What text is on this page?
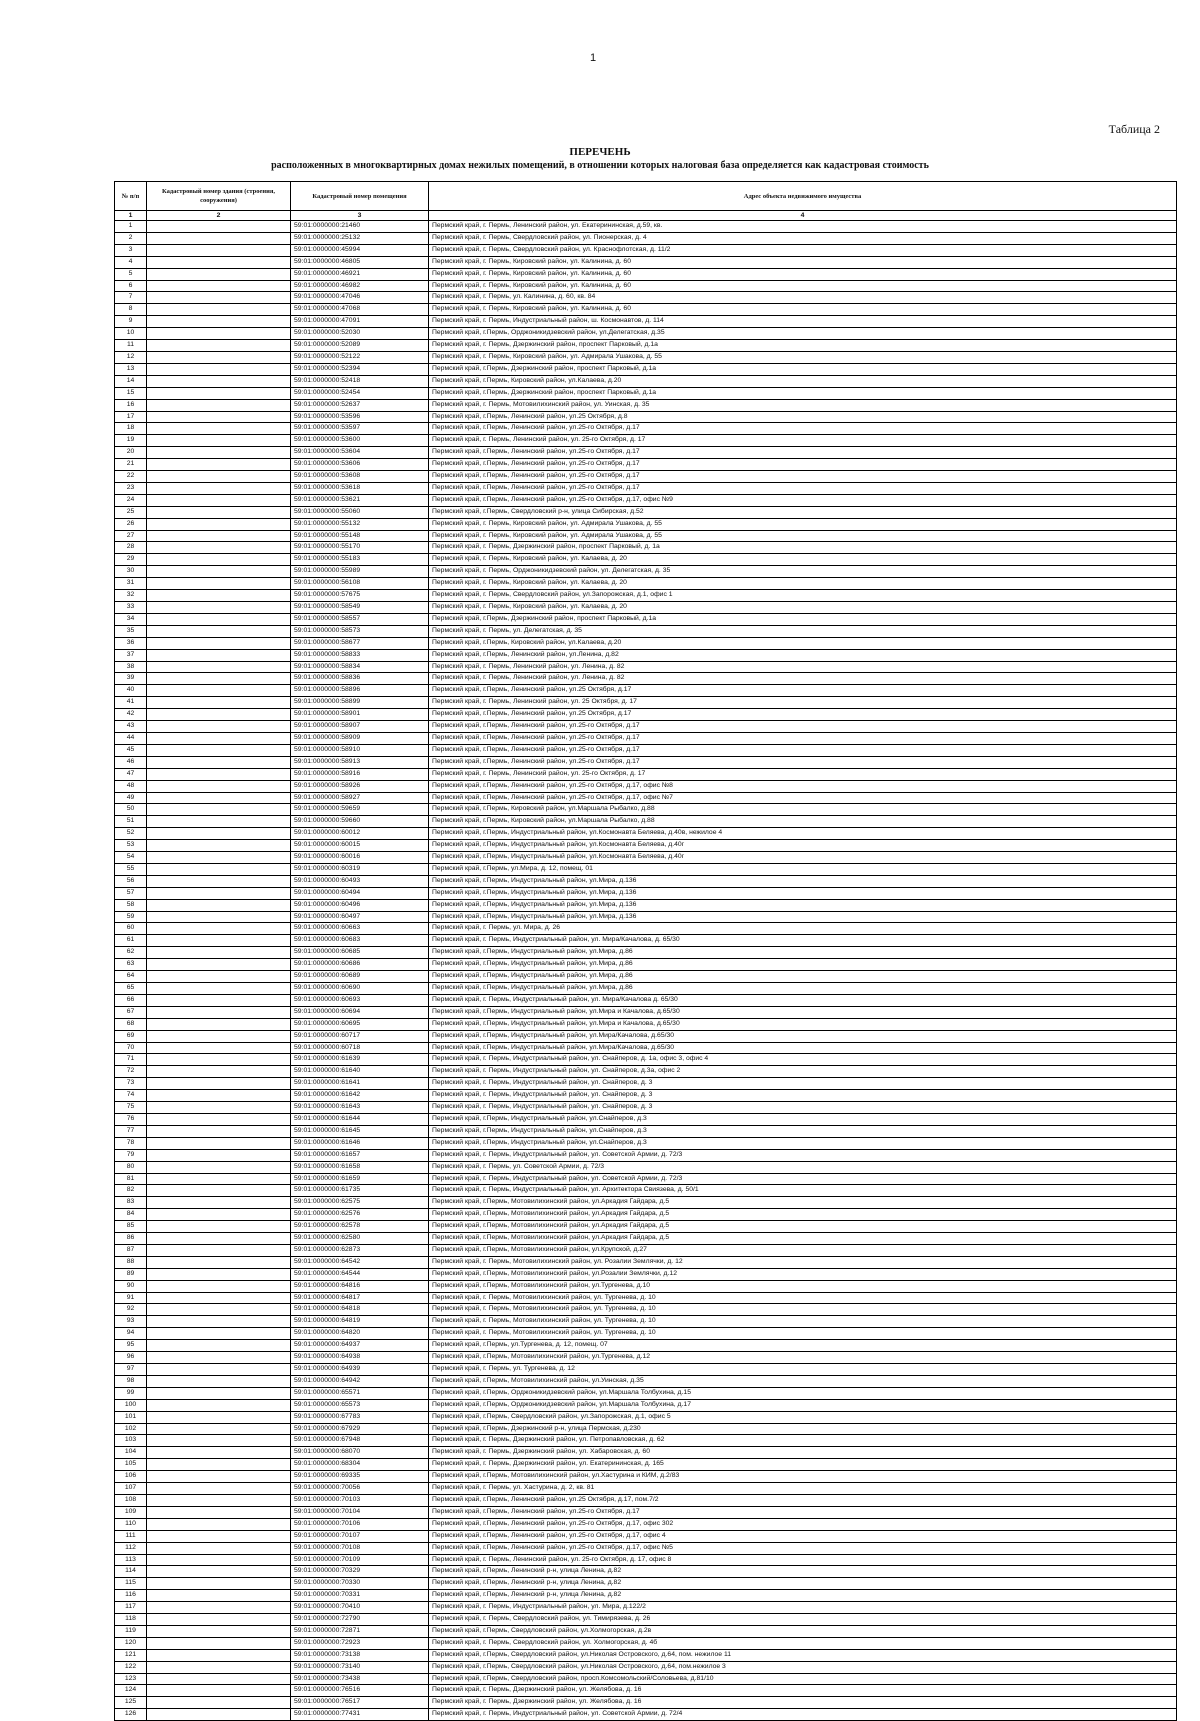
1
Таблица 2
ПЕРЕЧЕНЬ
расположенных в многоквартирных домах нежилых помещений, в отношении которых налоговая база определяется как кадастровая стоимость
№ п/п	Кадастровый номер здания (строения, сооружения)	Кадастровый номер помещения	Адрес объекта недвижимого имущества
1	2	3	4
1		59:01:0000000:21460	Пермский край, г. Пермь, Ленинский район, ул. Екатерининская, д.59, кв.
2		59:01:0000000:25132	Пермский край, г. Пермь, Свердловский район, ул. Пионерская, д. 4
3		59:01:0000000:45994	Пермский край, г. Пермь, Свердловский район, ул. Краснофлотская, д. 11/2
4		59:01:0000000:46805	Пермский край, г. Пермь, Кировский район, ул. Калинина, д. 60
5		59:01:0000000:46921	Пермский край, г. Пермь, Кировский район, ул. Калинина, д. 60
6		59:01:0000000:46982	Пермский край, г. Пермь, Кировский район, ул. Калинина, д. 60
7		59:01:0000000:47046	Пермский край, г. Пермь, ул. Калинина, д. 60, кв. 84
8		59:01:0000000:47068	Пермский край, г. Пермь, Кировский район, ул. Калинина, д. 60
9		59:01:0000000:47091	Пермский край, г. Пермь, Индустриальный район, ш. Космонавтов, д. 114
10		59:01:0000000:52030	Пермский край, г.Пермь, Орджоникидзевский район, ул.Делегатская, д.35
11		59:01:0000000:52089	Пермский край, г. Пермь, Дзержинский район, проспект Парковый, д.1а
12		59:01:0000000:52122	Пермский край, г. Пермь, Кировский район, ул. Адмирала Ушакова, д. 55
13		59:01:0000000:52394	Пермский край, г.Пермь, Дзержинский район, проспект Парковый, д.1а
14		59:01:0000000:52418	Пермский край, г.Пермь, Кировский район, ул.Калаева, д.20
15		59:01:0000000:52454	Пермский край, г.Пермь, Дзержинский район, проспект Парковый, д.1а
16		59:01:0000000:52637	Пермский край, г. Пермь, Мотовилихинский район, ул. Уинская, д. 35
17		59:01:0000000:53596	Пермский край, г.Пермь, Ленинский район, ул.25 Октября, д.8
18		59:01:0000000:53597	Пермский край, г.Пермь, Ленинский район, ул.25-го Октября, д.17
19		59:01:0000000:53600	Пермский край, г. Пермь, Ленинский район, ул. 25-го Октября, д. 17
20		59:01:0000000:53604	Пермский край, г.Пермь, Ленинский район, ул.25-го Октября, д.17
21		59:01:0000000:53606	Пермский край, г.Пермь, Ленинский район, ул.25-го Октября, д.17
22		59:01:0000000:53608	Пермский край, г.Пермь, Ленинский район, ул.25-го Октября, д.17
23		59:01:0000000:53618	Пермский край, г.Пермь, Ленинский район, ул.25-го Октября, д.17
24		59:01:0000000:53621	Пермский край, г.Пермь, Ленинский район, ул.25-го Октября, д.17, офис №9
25		59:01:0000000:55060	Пермский край, г.Пермь, Свердловский р-н, улица Сибирская, д.52
26		59:01:0000000:55132	Пермский край, г. Пермь, Кировский район, ул. Адмирала Ушакова, д. 55
27		59:01:0000000:55148	Пермский край, г. Пермь, Кировский район, ул. Адмирала Ушакова, д. 55
28		59:01:0000000:55170	Пермский край, г. Пермь, Дзержинский район, проспект Парковый, д. 1а
29		59:01:0000000:55183	Пермский край, г. Пермь, Кировский район, ул. Калаева, д. 20
30		59:01:0000000:55989	Пермский край, г. Пермь, Орджоникидзевский район, ул. Делегатская, д. 35
31		59:01:0000000:56108	Пермский край, г. Пермь, Кировский район, ул. Калаева, д. 20
32		59:01:0000000:57675	Пермский край, г. Пермь, Свердловский район, ул.Запорожская, д.1, офис 1
33		59:01:0000000:58549	Пермский край, г. Пермь, Кировский район, ул. Калаева, д. 20
34		59:01:0000000:58557	Пермский край, г.Пермь, Дзержинский район, проспект Парковый, д.1а
35		59:01:0000000:58573	Пермский край, г. Пермь, ул. Делегатская, д. 35
36		59:01:0000000:58677	Пермский край, г.Пермь, Кировский район, ул.Калаева, д.20
37		59:01:0000000:58833	Пермский край, г.Пермь, Ленинский район, ул.Ленина, д.82
38		59:01:0000000:58834	Пермский край, г. Пермь, Ленинский район, ул. Ленина, д. 82
39		59:01:0000000:58836	Пермский край, г. Пермь, Ленинский район, ул. Ленина, д. 82
40		59:01:0000000:58896	Пермский край, г.Пермь, Ленинский район, ул.25 Октября, д.17
41		59:01:0000000:58899	Пермский край, г. Пермь, Ленинский район, ул. 25 Октября, д. 17
42		59:01:0000000:58901	Пермский край, г.Пермь, Ленинский район, ул.25 Октября, д.17
43		59:01:0000000:58907	Пермский край, г.Пермь, Ленинский район, ул.25-го Октября, д.17
44		59:01:0000000:58909	Пермский край, г.Пермь, Ленинский район, ул.25-го Октября, д.17
45		59:01:0000000:58910	Пермский край, г.Пермь, Ленинский район, ул.25-го Октября, д.17
46		59:01:0000000:58913	Пермский край, г.Пермь, Ленинский район, ул.25-го Октября, д.17
47		59:01:0000000:58916	Пермский край, г. Пермь, Ленинский район, ул. 25-го Октября, д. 17
48		59:01:0000000:58926	Пермский край, г.Пермь, Ленинский район, ул.25-го Октября, д.17, офис №8
49		59:01:0000000:58927	Пермский край, г.Пермь, Ленинский район, ул.25-го Октября, д.17, офис №7
50		59:01:0000000:59659	Пермский край, г.Пермь, Кировский район, ул.Маршала Рыбалко, д.88
51		59:01:0000000:59660	Пермский край, г.Пермь, Кировский район, ул.Маршала Рыбалко, д.88
52		59:01:0000000:60012	Пермский край, г.Пермь, Индустриальный район, ул.Космонавта Беляева, д.40в, нежилое 4
53		59:01:0000000:60015	Пермский край, г.Пермь, Индустриальный район, ул.Космонавта Беляева, д.40г
54		59:01:0000000:60016	Пермский край, г.Пермь, Индустриальный район, ул.Космонавта Беляева, д.40г
55		59:01:0000000:60319	Пермский край, г.Пермь, ул.Мира, д. 12, помещ. 01
56		59:01:0000000:60493	Пермский край, г.Пермь, Индустриальный район, ул.Мира, д.136
57		59:01:0000000:60494	Пермский край, г.Пермь, Индустриальный район, ул.Мира, д.136
58		59:01:0000000:60496	Пермский край, г.Пермь, Индустриальный район, ул.Мира, д.136
59		59:01:0000000:60497	Пермский край, г.Пермь, Индустриальный район, ул.Мира, д.136
60		59:01:0000000:60663	Пермский край, г. Пермь, ул. Мира, д. 26
61		59:01:0000000:60683	Пермский край, г. Пермь, Индустриальный район, ул. Мира/Качалова, д. 65/30
62		59:01:0000000:60685	Пермский край, г.Пермь, Индустриальный район, ул.Мира, д.86
63		59:01:0000000:60686	Пермский край, г.Пермь, Индустриальный район, ул.Мира, д.86
64		59:01:0000000:60689	Пермский край, г.Пермь, Индустриальный район, ул.Мира, д.86
65		59:01:0000000:60690	Пермский край, г.Пермь, Индустриальный район, ул.Мира, д.86
66		59:01:0000000:60693	Пермский край, г. Пермь, Индустриальный район, ул. Мира/Качалова д. 65/30
67		59:01:0000000:60694	Пермский край, г.Пермь, Индустриальный район, ул.Мира и Качалова, д.65/30
68		59:01:0000000:60695	Пермский край, г.Пермь, Индустриальный район, ул.Мира и Качалова, д.65/30
69		59:01:0000000:60717	Пермский край, г.Пермь, Индустриальный район, ул.Мира/Качалова, д.65/30
70		59:01:0000000:60718	Пермский край, г.Пермь, Индустриальный район, ул.Мира/Качалова, д.65/30
71		59:01:0000000:61639	Пермский край, г. Пермь, Индустриальный район, ул. Снайперов, д. 1а, офис 3, офис 4
72		59:01:0000000:61640	Пермский край, г. Пермь, Индустриальный район, ул. Снайперов, д.3а, офис 2
73		59:01:0000000:61641	Пермский край, г. Пермь, Индустриальный район, ул. Снайперов, д. 3
74		59:01:0000000:61642	Пермский край, г. Пермь, Индустриальный район, ул. Снайперов, д. 3
75		59:01:0000000:61643	Пермский край, г. Пермь, Индустриальный район, ул. Снайперов, д. 3
76		59:01:0000000:61644	Пермский край, г.Пермь, Индустриальный район, ул.Снайперов, д.3
77		59:01:0000000:61645	Пермский край, г.Пермь, Индустриальный район, ул.Снайперов, д.3
78		59:01:0000000:61646	Пермский край, г.Пермь, Индустриальный район, ул.Снайперов, д.3
79		59:01:0000000:61657	Пермский край, г. Пермь, Индустриальный район, ул. Советской Армии, д. 72/3
80		59:01:0000000:61658	Пермский край, г. Пермь, ул. Советской Армии, д. 72/3
81		59:01:0000000:61659	Пермский край, г. Пермь, Индустриальный район, ул. Советской Армии, д. 72/3
82		59:01:0000000:61735	Пермский край, г. Пермь, Индустриальный район, ул. Архитектора Свиязева, д. 50/1
83		59:01:0000000:62575	Пермский край, г.Пермь, Мотовилихинский район, ул.Аркадия Гайдара, д.5
84		59:01:0000000:62576	Пермский край, г.Пермь, Мотовилихинский район, ул.Аркадия Гайдара, д.5
85		59:01:0000000:62578	Пермский край, г.Пермь, Мотовилихинский район, ул.Аркадия Гайдара, д.5
86		59:01:0000000:62580	Пермский край, г.Пермь, Мотовилихинский район, ул.Аркадия Гайдара, д.5
87		59:01:0000000:62873	Пермский край, г.Пермь, Мотовилихинский район, ул.Крупской, д.27
88		59:01:0000000:64542	Пермский край, г. Пермь, Мотовилихинский район, ул. Розалии Землячки, д. 12
89		59:01:0000000:64544	Пермский край, г.Пермь, Мотовилихинский район, ул.Розалии Землячки, д.12
90		59:01:0000000:64816	Пермский край, г.Пермь, Мотовилихинский район, ул.Тургенева, д.10
91		59:01:0000000:64817	Пермский край, г. Пермь, Мотовилихинский район, ул. Тургенева, д. 10
92		59:01:0000000:64818	Пермский край, г. Пермь, Мотовилихинский район, ул. Тургенева, д. 10
93		59:01:0000000:64819	Пермский край, г. Пермь, Мотовилихинский район, ул. Тургенева, д. 10
94		59:01:0000000:64820	Пермский край, г. Пермь, Мотовилихинский район, ул. Тургенева, д. 10
95		59:01:0000000:64937	Пермский край, г.Пермь, ул.Тургенева, д. 12, помещ. 07
96		59:01:0000000:64938	Пермский край, г.Пермь, Мотовилихинский район, ул.Тургенева, д.12
97		59:01:0000000:64939	Пермский край, г. Пермь, ул. Тургенева, д. 12
98		59:01:0000000:64942	Пермский край, г.Пермь, Мотовилихинский район, ул.Уинская, д.35
99		59:01:0000000:65571	Пермский край, г.Пермь, Орджоникидзевский район, ул.Маршала Толбухина, д.15
100		59:01:0000000:65573	Пермский край, г.Пермь, Орджоникидзевский район, ул.Маршала Толбухина, д.17
101		59:01:0000000:67783	Пермский край, г.Пермь, Свердловский район, ул.Запорожская, д.1, офис 5
102		59:01:0000000:67929	Пермский край, г.Пермь, Дзержинский р-н, улица Пермская, д.230
103		59:01:0000000:67948	Пермский край, г. Пермь, Дзержинский район, ул. Петропавловская, д. 62
104		59:01:0000000:68070	Пермский край, г. Пермь, Дзержинский район, ул. Хабаровская, д. 60
105		59:01:0000000:68304	Пермский край, г. Пермь, Дзержинский район, ул. Екатерининская, д. 165
106		59:01:0000000:69335	Пермский край, г.Пермь, Мотовилихинский район, ул.Хастурина и КИМ, д.2/83
107		59:01:0000000:70056	Пермский край, г. Пермь, ул. Хастурина, д. 2, кв. 81
108		59:01:0000000:70103	Пермский край, г.Пермь, Ленинский район, ул.25 Октября, д.17, пом.7/2
109		59:01:0000000:70104	Пермский край, г.Пермь, Ленинский район, ул.25-го Октября, д.17
110		59:01:0000000:70106	Пермский край, г.Пермь, Ленинский район, ул.25-го Октября, д.17, офис 302
111		59:01:0000000:70107	Пермский край, г.Пермь, Ленинский район, ул.25-го Октября, д.17, офис 4
112		59:01:0000000:70108	Пермский край, г.Пермь, Ленинский район, ул.25-го Октября, д.17, офис №5
113		59:01:0000000:70109	Пермский край, г. Пермь, Ленинский район, ул. 25-го Октября, д. 17, офис 8
114		59:01:0000000:70329	Пермский край, г.Пермь, Ленинский р-н, улица Ленина, д.82
115		59:01:0000000:70330	Пермский край, г.Пермь, Ленинский р-н, улица Ленина, д.82
116		59:01:0000000:70331	Пермский край, г.Пермь, Ленинский р-н, улица Ленина, д.82
117		59:01:0000000:70410	Пермский край, г. Пермь, Индустриальный район, ул. Мира, д.122/2
118		59:01:0000000:72790	Пермский край, г. Пермь, Свердловский район, ул. Тимирязева, д. 26
119		59:01:0000000:72871	Пермский край, г.Пермь, Свердловский район, ул.Холмогорская, д.2в
120		59:01:0000000:72923	Пермский край, г. Пермь, Свердловский район, ул. Холмогорская, д. 4б
121		59:01:0000000:73138	Пермский край, г.Пермь, Свердловский район, ул.Николая Островского, д.64, пом. нежилое 11
122		59:01:0000000:73140	Пермский край, г.Пермь, Свердловский район, ул.Николая Островского, д.64, пом.нежилое 3
123		59:01:0000000:73438	Пермский край, г.Пермь, Свердловский район, просп.Комсомольский/Соловьева, д.81/10
124		59:01:0000000:76516	Пермский край, г. Пермь, Дзержинский район, ул. Желябова, д. 16
125		59:01:0000000:76517	Пермский край, г. Пермь, Дзержинский район, ул. Желябова, д. 16
126		59:01:0000000:77431	Пермский край, г. Пермь, Индустриальный район, ул. Советской Армии, д. 72/4
